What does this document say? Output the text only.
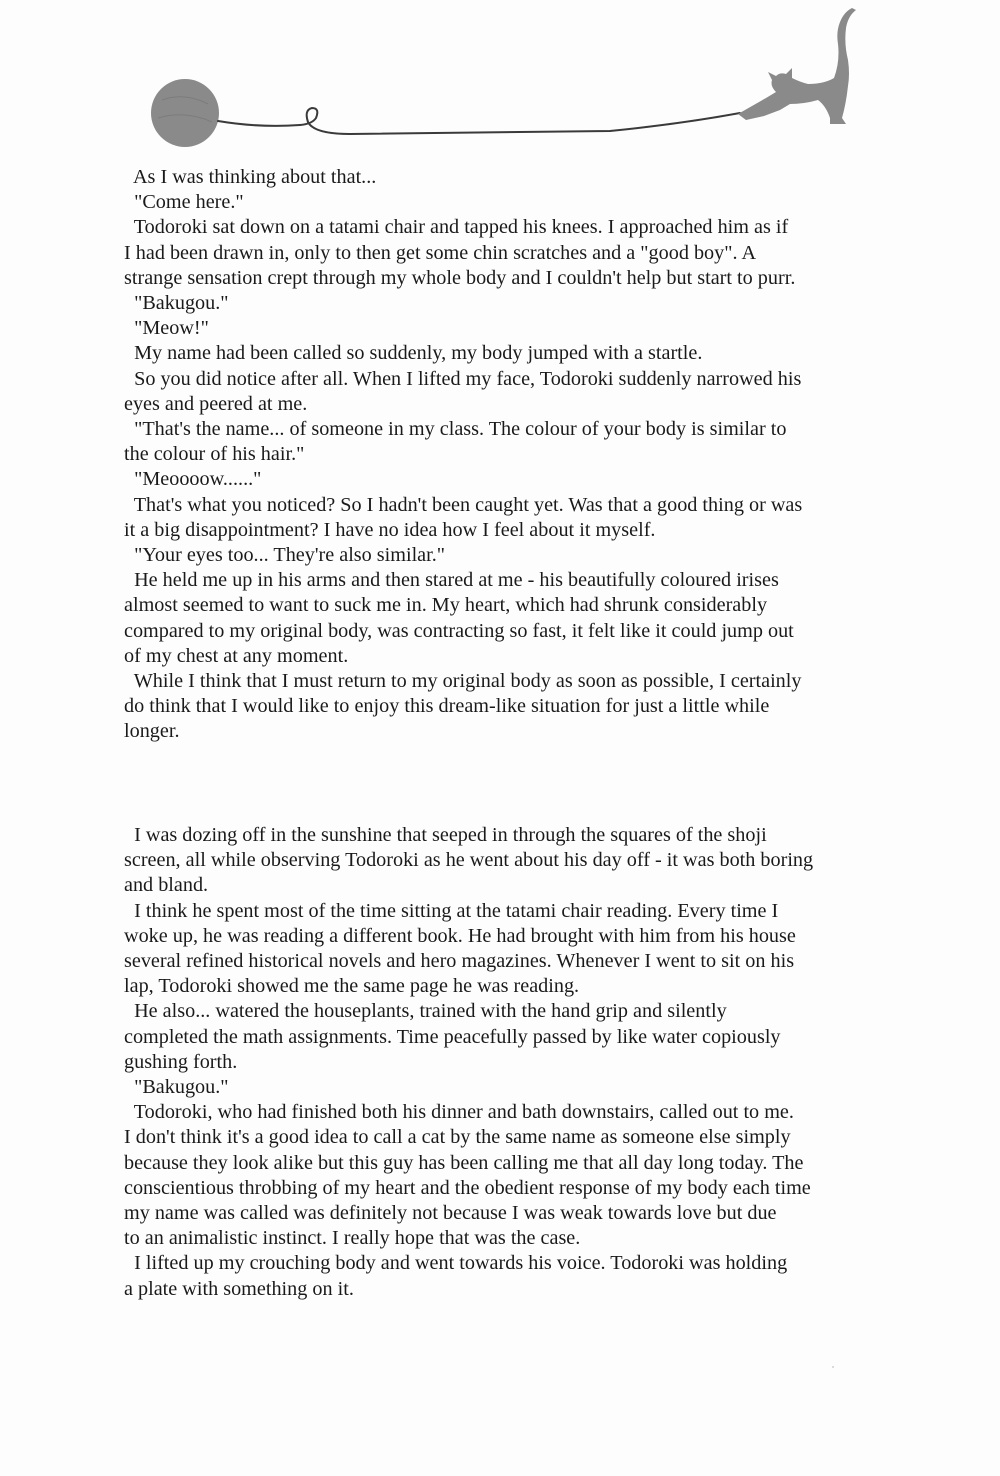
As I was thinking about that...

"Come here."

Todoroki sat down on a tatami chair and tapped his knees. I approached him as if

I had been drawn in, only to then get some chin scratches and a "good boy". A

strange sensation crept through my whole body and I couldn't help but start to purr.

"Bakugou."

"Meow!"

My name had been called so suddenly, my body jumped with a startle.

So you did notice after all. When I lifted my face, Todoroki suddenly narrowed his

eyes and peered at me.

"That's the name... of someone in my class. The colour of your body is similar to

the colour of his hair."

"Meoooow......"

That's what you noticed? So I hadn't been caught yet. Was that a good thing or was

it a big disappointment? I have no idea how I feel about it myself.

"Your eyes too... They're also similar."

He held me up in his arms and then stared at me - his beautifully coloured irises

almost seemed to want to suck me in. My heart, which had shrunk considerably

compared to my original body, was contracting so fast, it felt like it could jump out

of my chest at any moment.

While I think that I must return to my original body as soon as possible, I certainly

do think that I would like to enjoy this dream-like situation for just a little while

longer.

I was dozing off in the sunshine that seeped in through the squares of the shoji

screen, all while observing Todoroki as he went about his day off - it was both boring

and bland.

I think he spent most of the time sitting at the tatami chair reading. Every time I

woke up, he was reading a different book. He had brought with him from his house

several refined historical novels and hero magazines. Whenever I went to sit on his

lap, Todoroki showed me the same page he was reading.

He also... watered the houseplants, trained with the hand grip and silently

completed the math assignments. Time peacefully passed by like water copiously

gushing forth.

"Bakugou."

Todoroki, who had finished both his dinner and bath downstairs, called out to me.

I don't think it's a good idea to call a cat by the same name as someone else simply

because they look alike but this guy has been calling me that all day long today. The

conscientious throbbing of my heart and the obedient response of my body each time

my name was called was definitely not because I was weak towards love but due

to an animalistic instinct. I really hope that was the case.

I lifted up my crouching body and went towards his voice. Todoroki was holding

a plate with something on it.
